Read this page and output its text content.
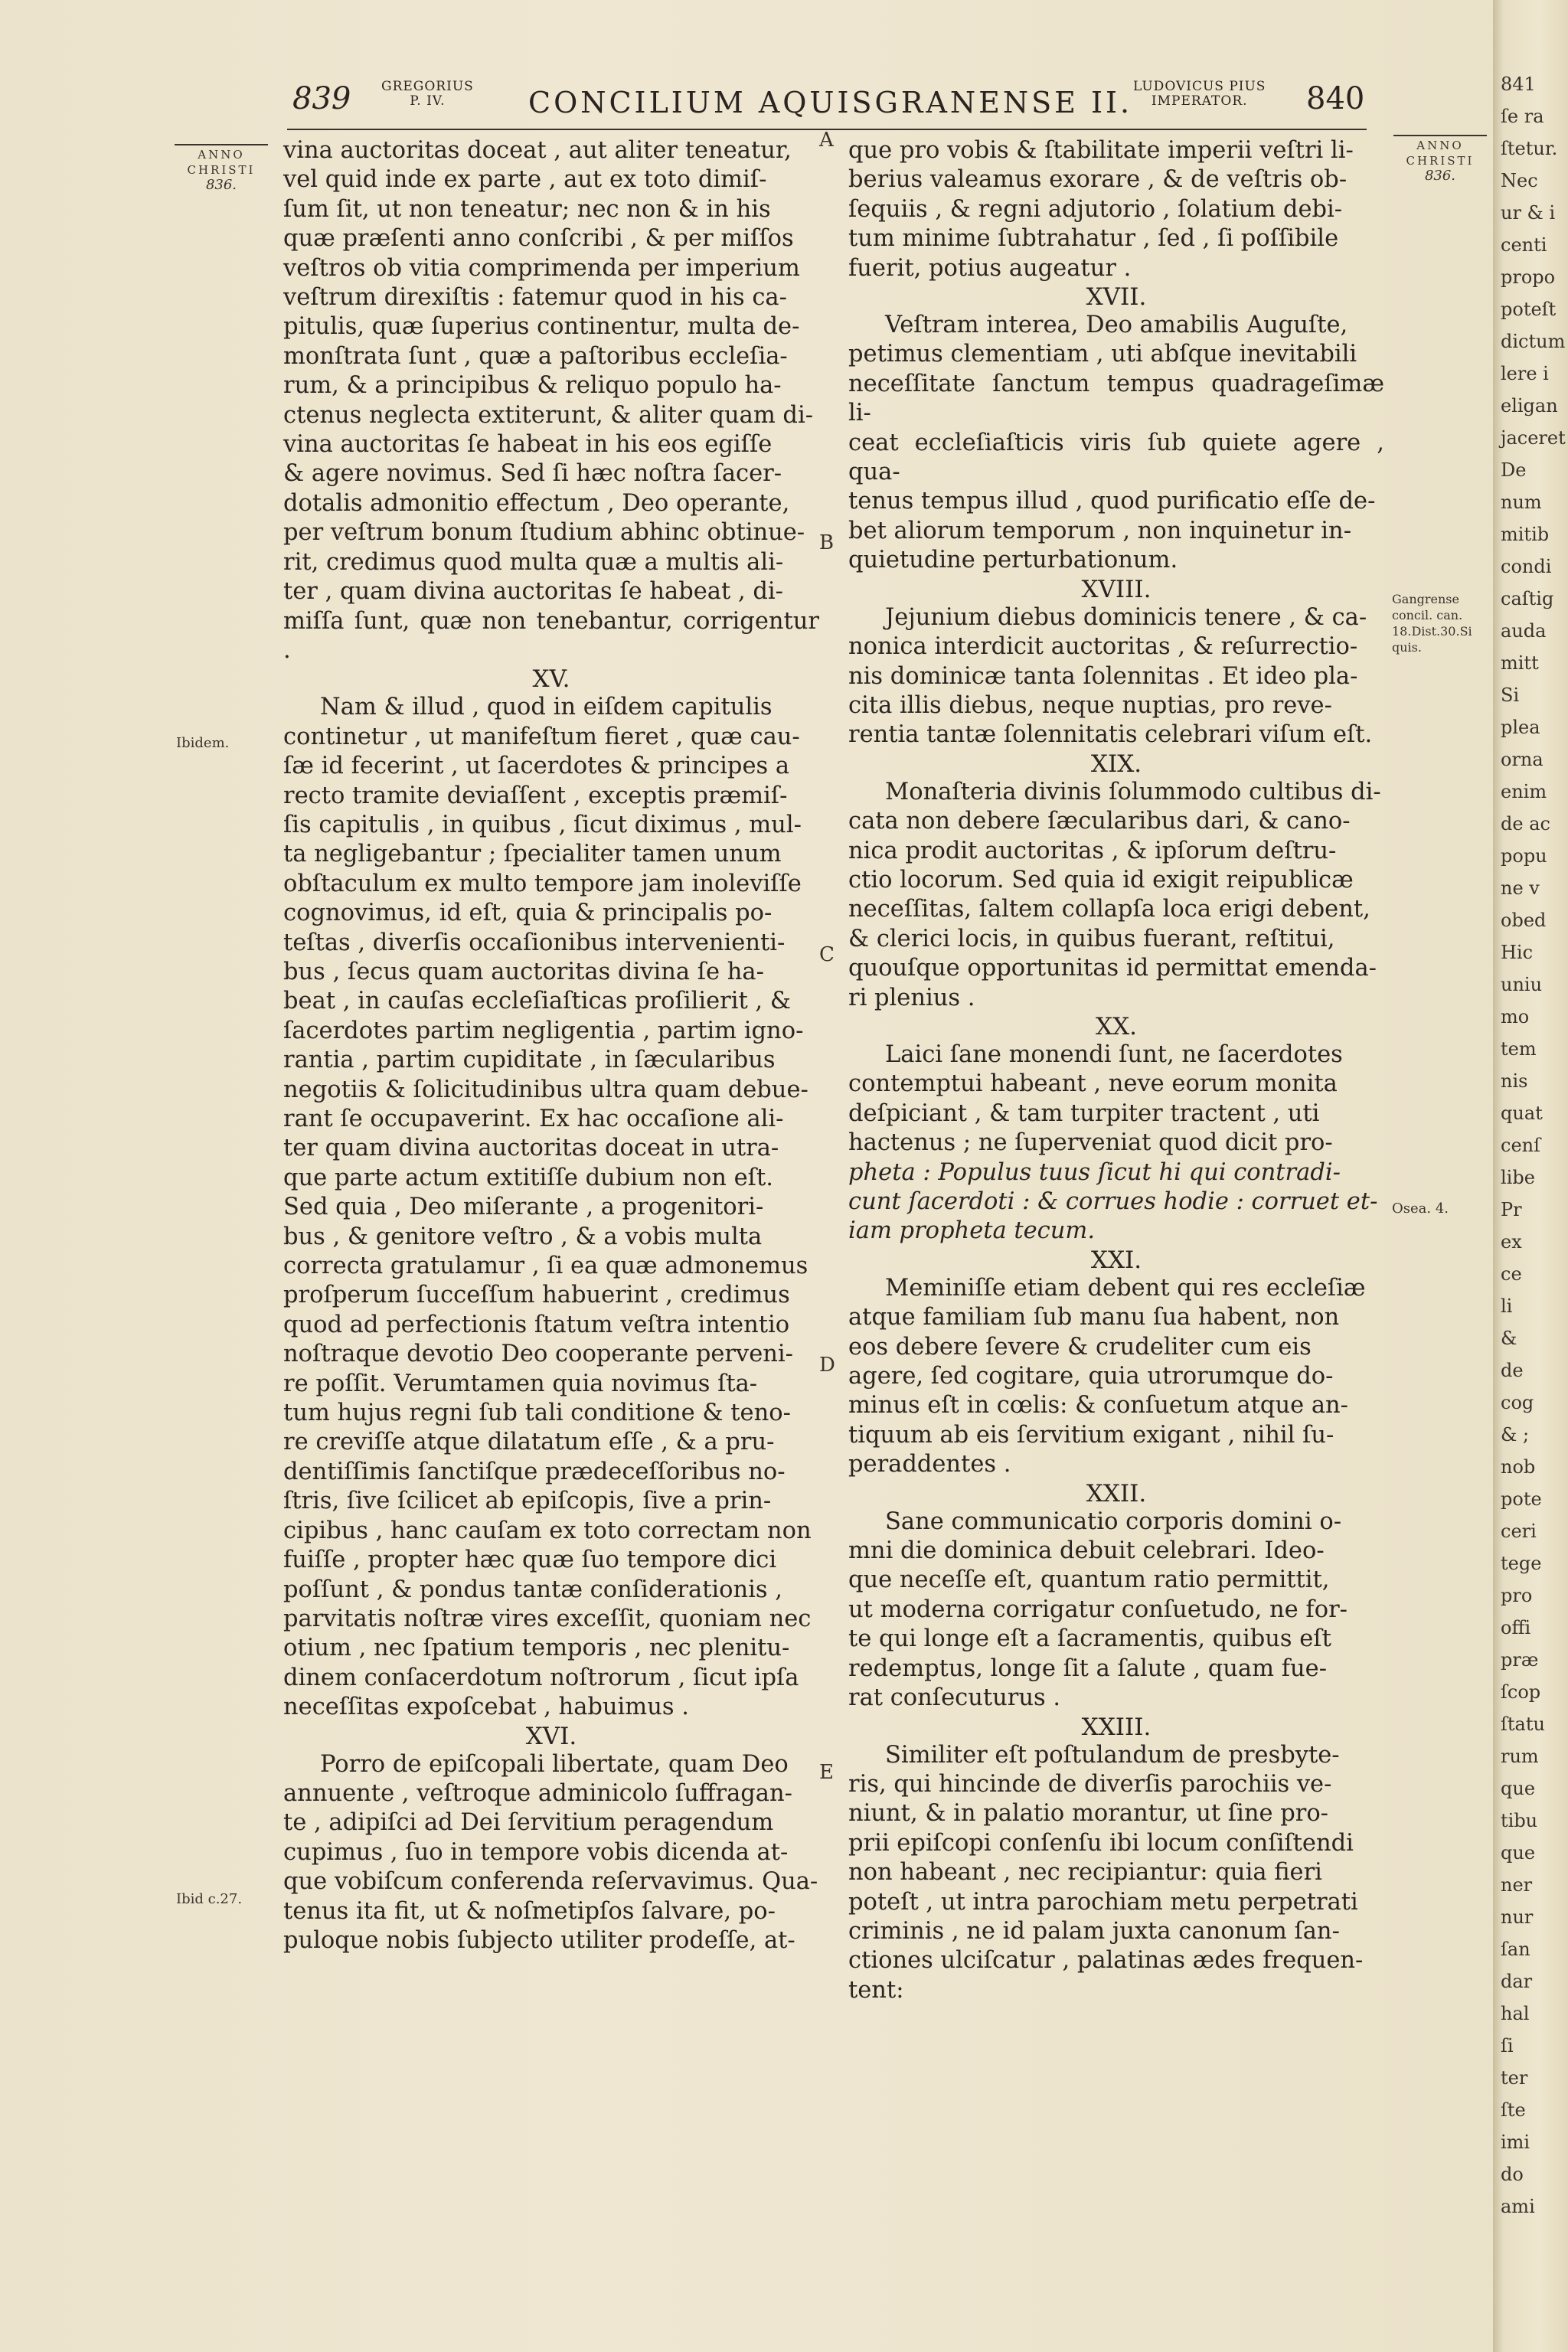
839 GREGORIUS
P. IV.	CONCILIUM AQUISGRANENSE II. LUDOVICUS PIUS
IMPERATOR.	840
ANNO
CHRISTI
836.
ANNO
CHRISTI
836.
Ibidem.
Ibid c.27.
Gangrense
concil. can.
18.Dist.30.Si
quis.
Osea. 4.
A
B
C
D
E

vina auctoritas doceat , aut aliter teneatur,

vel quid inde ex parte , aut ex toto dimiſ-

ſum ſit, ut non teneatur; nec non & in his

quæ præſenti anno conſcribi , & per miſſos

veſtros ob vitia comprimenda per imperium

veſtrum direxiſtis : fatemur quod in his ca-

pitulis, quæ ſuperius continentur, multa de-

monſtrata ſunt , quæ a paſtoribus eccleſia-

rum, & a principibus & reliquo populo ha-

ctenus neglecta extiterunt, & aliter quam di-

vina auctoritas ſe habeat in his eos egiſſe

& agere novimus. Sed ſi hæc noſtra ſacer-

dotalis admonitio effectum , Deo operante,

per veſtrum bonum ſtudium abhinc obtinue-

rit, credimus quod multa quæ a multis ali-

ter , quam divina auctoritas ſe habeat , di-

miſſa ſunt, quæ non tenebantur, corrigentur .

XV.

Nam & illud , quod in eiſdem capitulis

continetur , ut manifeſtum fieret , quæ cau-

ſæ id fecerint , ut ſacerdotes & principes a

recto tramite deviaſſent , exceptis præmiſ-

ſis capitulis , in quibus , ſicut diximus , mul-

ta negligebantur ; ſpecialiter tamen unum

obſtaculum ex multo tempore jam inoleviſſe

cognovimus, id eſt, quia & principalis po-

teſtas , diverſis occaſionibus intervenienti-

bus , ſecus quam auctoritas divina ſe ha-

beat , in cauſas eccleſiaſticas proſilierit , &

ſacerdotes partim negligentia , partim igno-

rantia , partim cupiditate , in ſæcularibus

negotiis & ſolicitudinibus ultra quam debue-

rant ſe occupaverint. Ex hac occaſione ali-

ter quam divina auctoritas doceat in utra-

que parte actum extitiſſe dubium non eſt.

Sed quia , Deo miſerante , a progenitori-

bus , & genitore veſtro , & a vobis multa

correcta gratulamur , ſi ea quæ admonemus

proſperum ſucceſſum habuerint , credimus

quod ad perfectionis ſtatum veſtra intentio

noſtraque devotio Deo cooperante perveni-

re poſſit. Verumtamen quia novimus ſta-

tum hujus regni ſub tali conditione & teno-

re creviſſe atque dilatatum eſſe , & a pru-

dentiſſimis ſanctiſque prædeceſſoribus no-

ſtris, ſive ſcilicet ab epiſcopis, ſive a prin-

cipibus , hanc cauſam ex toto correctam non

fuiſſe , propter hæc quæ ſuo tempore dici

poſſunt , & pondus tantæ conſiderationis ,

parvitatis noſtræ vires exceſſit, quoniam nec

otium , nec ſpatium temporis , nec plenitu-

dinem conſacerdotum noſtrorum , ſicut ipſa

neceſſitas expoſcebat , habuimus .

XVI.

Porro de epiſcopali libertate, quam Deo

annuente , veſtroque adminicolo ſuffragan-

te , adipiſci ad Dei ſervitium peragendum

cupimus , ſuo in tempore vobis dicenda at-

que vobiſcum conferenda reſervavimus. Qua-

tenus ita fit, ut & noſmetipſos ſalvare, po-

puloque nobis ſubjecto utiliter prodeſſe, at-

que pro vobis & ſtabilitate imperii veſtri li-

berius valeamus exorare , & de veſtris ob-

ſequiis , & regni adjutorio , ſolatium debi-

tum minime ſubtrahatur , ſed , ſi poſſibile

fuerit, potius augeatur .

XVII.

Veſtram interea, Deo amabilis Auguſte,

petimus clementiam , uti abſque inevitabili

neceſſitate ſanctum tempus quadrageſimæ li-

ceat eccleſiaſticis viris ſub quiete agere , qua-

tenus tempus illud , quod purificatio eſſe de-

bet aliorum temporum , non inquinetur in-

quietudine perturbationum.

XVIII.

Jejunium diebus dominicis tenere , & ca-

nonica interdicit auctoritas , & reſurrectio-

nis dominicæ tanta ſolennitas . Et ideo pla-

cita illis diebus, neque nuptias, pro reve-

rentia tantæ ſolennitatis celebrari viſum eſt.

XIX.

Monaſteria divinis ſolummodo cultibus di-

cata non debere ſæcularibus dari, & cano-

nica prodit auctoritas , & ipſorum deſtru-

ctio locorum. Sed quia id exigit reipublicæ

neceſſitas, ſaltem collapſa loca erigi debent,

& clerici locis, in quibus fuerant, reſtitui,

quouſque opportunitas id permittat emenda-

ri plenius .

XX.

Laici ſane monendi ſunt, ne ſacerdotes

contemptui habeant , neve eorum monita

deſpiciant , & tam turpiter tractent , uti

hactenus ; ne ſuperveniat quod dicit pro-

pheta : Populus tuus ſicut hi qui contradi-

cunt ſacerdoti : & corrues hodie : corruet et-

iam propheta tecum.

XXI.

Meminiſſe etiam debent qui res eccleſiæ

atque familiam ſub manu ſua habent, non

eos debere ſevere & crudeliter cum eis

agere, ſed cogitare, quia utrorumque do-

minus eſt in cœlis: & conſuetum atque an-

tiquum ab eis ſervitium exigant , nihil ſu-

peraddentes .

XXII.

Sane communicatio corporis domini o-

mni die dominica debuit celebrari. Ideo-

que neceſſe eſt, quantum ratio permittit,

ut moderna corrigatur conſuetudo, ne for-

te qui longe eſt a ſacramentis, quibus eſt

redemptus, longe ſit a ſalute , quam fue-

rat conſecuturus .

XXIII.

Similiter eſt poſtulandum de presbyte-

ris, qui hincinde de diverſis parochiis ve-

niunt, & in palatio morantur, ut ſine pro-

prii epiſcopi conſenſu ibi locum conſiſtendi

non habeant , nec recipiantur: quia fieri

poteſt , ut intra parochiam metu perpetrati

criminis , ne id palam juxta canonum ſan-

ctiones ulciſcatur , palatinas ædes frequen-

tent:

841
ſe ra
ſtetur.
Nec
ur & i
centi
propo
poteſt
dictum
lere i
eligan
jaceret
De
num
mitib
condi
caſtig
auda
mitt
Si
plea
orna
enim
de ac
popu
ne v
obed
Hic
uniu
mo
tem
nis
quat
cenſ
libe
Pr
ex
ce
li
&
de
cog
& ;
nob
pote
ceri
tege
pro
offi
præ
ſcop
ſtatu
rum
que
tibu
que
ner
nur
ſan
dar
hal
ſi
ter
ſte
imi
do
ami
